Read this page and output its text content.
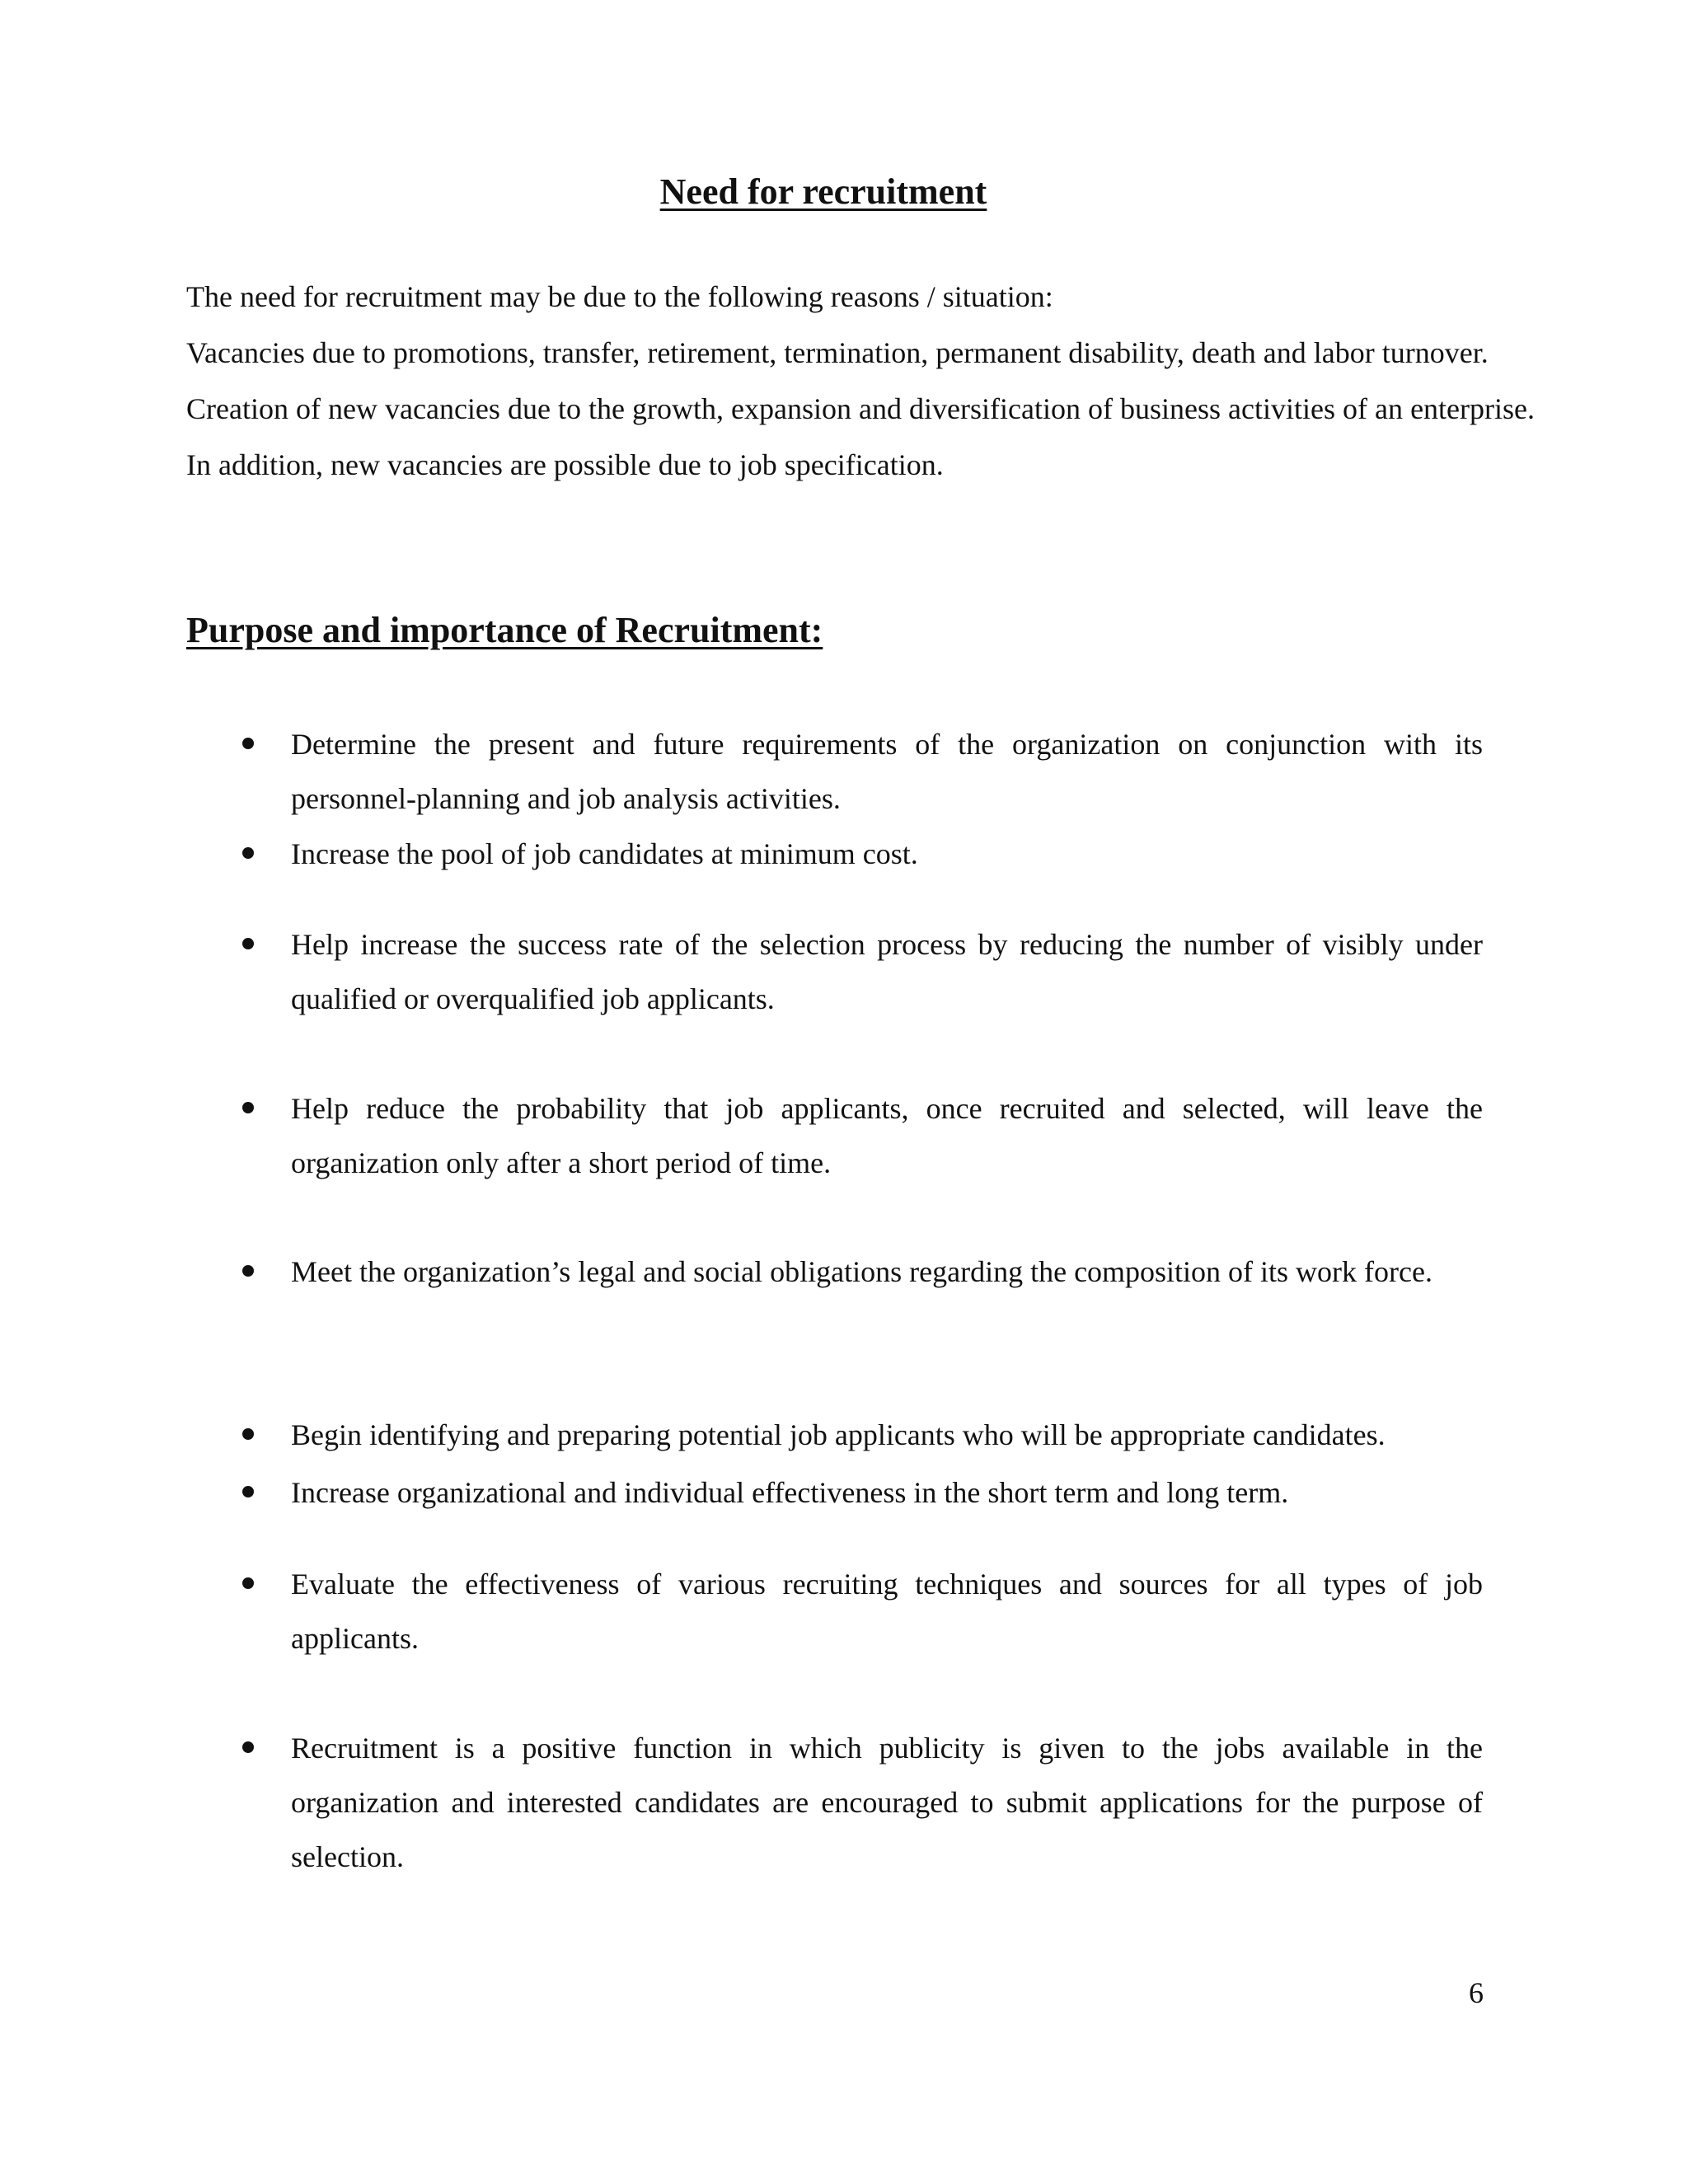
Need for recruitment

The need for recruitment may be due to the following reasons / situation:

Vacancies due to promotions, transfer, retirement, termination, permanent disability, death and labor turnover.

Creation of new vacancies due to the growth, expansion and diversification of business activities of an enterprise. In addition, new vacancies are possible due to job specification.

Purpose and importance of Recruitment:

Determine the present and future requirements of the organization on conjunction with its personnel-planning and job analysis activities.

Increase the pool of job candidates at minimum cost.

Help increase the success rate of the selection process by reducing the number of visibly under qualified or overqualified job applicants.

Help reduce the probability that job applicants, once recruited and selected, will leave the organization only after a short period of time.

Meet the organization’s legal and social obligations regarding the composition of its work force.

Begin identifying and preparing potential job applicants who will be appropriate candidates.

Increase organizational and individual effectiveness in the short term and long term.

Evaluate the effectiveness of various recruiting techniques and sources for all types of job applicants.

Recruitment is a positive function in which publicity is given to the jobs available in the organization and interested candidates are encouraged to submit applications for the purpose of selection.

6
